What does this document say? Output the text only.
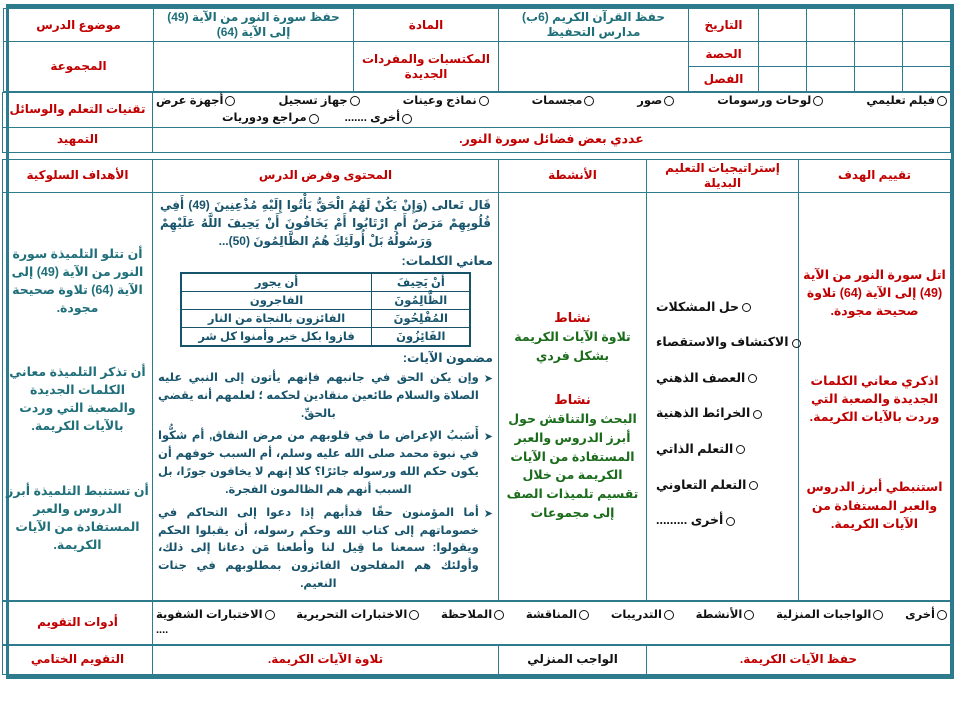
				التاريخ	حفظ القرآن الكريم (6ب) مدارس التحفيظ	المادة	حفظ سورة النور من الآية (49) إلى الآية (64)	موضوع الدرس
				الحصة		المكتسبات والمفردات الجديدة		المجموعة
				الفصل				
فيلم تعليمي
لوحات ورسومات
صور
مجسمات
نماذج وعينات
جهاز تسجيل
أجهزة عرض
أخرى .......
مراجع ودوريات
	تقنيات التعلم والوسائل
عددي بعض فضائل سورة النور.	التمهيد
تقييم الهدف	إستراتيجيات التعليم البديلة	الأنشطة	المحتوى وفرض الدرس	الأهداف السلوكية

اتل سورة النور من الآية (49) إلى الآية (64) تلاوة صحيحة مجودة.
اذكري معاني الكلمات الجديدة والصعبة التي وردت بالآيات الكريمة.
استنبطي أبرز الدروس والعبر المستفادة من الآيات الكريمة.

حل المشكلات
الاكتشاف والاستقصاء
العصف الذهني
الخرائط الذهنية
التعلم الذاتي
التعلم التعاوني
أخرى .........

نشاط
تلاوة الآيات الكريمة بشكل فردي
نشاط
البحث والتناقش حول أبرز الدروس والعبر المستفادة من الآيات الكريمة من خلال تقسيم تلميذات الصف إلى مجموعات

قَال تَعالى (وَإِنْ يَكُنْ لَهُمُ الْحَقُّ يَأْتُوا إِلَيْهِ مُذْعِنِينَ (49) أَفِي قُلُوبِهِمْ مَرَضٌ أَمِ ارْتَابُوا أَمْ يَخَافُونَ أَنْ يَحِيفَ اللَّهُ عَلَيْهِمْ وَرَسُولُهُ بَلْ أُولَئِكَ هُمُ الظَّالِمُونَ (50)...
معاني الكلمات:
أَنْ يَحِيفَ	أن يجور
الظَّالِمُونَ	الفاجرون
المُفْلِحُونَ	الفائزون بالنجاة من النار
الفَائِزُونَ	فازوا بكل خير وأمنوا كل شر
مضمون الآيات:
➤
وإن يكن الحق في جانبهم فإنهم يأتون إلى النبي عليه الصلاة والسلام طائعين منقادين لحكمه ؛ لعلمهم أنه يقضي بالحقِّ.
➤
أَسَببُ الإعراض ما في قلوبهم من مرض النفاق, أم شكُّوا في نبوة محمد صلى الله عليه وسلم، أم السبب خوفهم أن يكون حكم الله ورسوله جائرًا؟ كلا إنهم لا يخافون جورًا، بل السبب أنهم هم الظالمون الفجرة.
➤
أما المؤمنون حقًا فدأبهم إذا دعوا إلى التحاكم في خصوماتهم إلى كتاب الله وحكم رسوله، أن يقبلوا الحكم ويقولوا: سمعنا ما قِيل لنا وأطعنا مَن دعانا إلى ذلك، وأولئك هم المفلحون الفائزون بمطلوبهم في جنات النعيم.

أن تتلو التلميذة سورة النور من الآية (49) إلى الآية (64) تلاوة صحيحة مجودة.
أن تذكر التلميذة معاني الكلمات الجديدة والصعبة التي وردت بالآيات الكريمة.
أن تستنبط التلميذة أبرز الدروس والعبر المستفادة من الآيات الكريمة.
أخرى
الواجبات المنزلية
الأنشطة
التدريبات
المناقشة
الملاحظة
الاختبارات التحريرية
الاختبارات الشفوية
....
	أدوات التقويم
حفظ الآيات الكريمة.	الواجب المنزلي	تلاوة الآيات الكريمة.	التقويم الختامي
